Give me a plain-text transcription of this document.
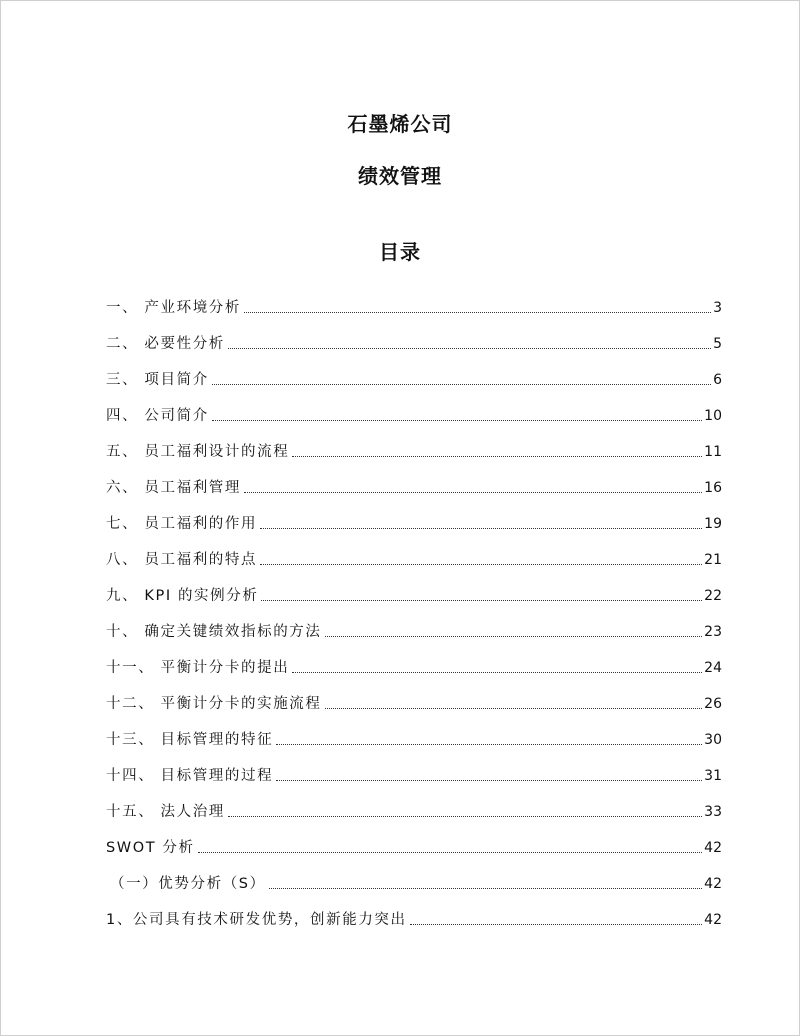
石墨烯公司
绩效管理
目录
一、 产业环境分析	3
二、 必要性分析	5
三、 项目简介	6
四、 公司简介	10
五、 员工福利设计的流程	11
六、 员工福利管理	16
七、 员工福利的作用	19
八、 员工福利的特点	21
九、 KPI 的实例分析	22
十、 确定关键绩效指标的方法	23
十一、 平衡计分卡的提出	24
十二、 平衡计分卡的实施流程	26
十三、 目标管理的特征	30
十四、 目标管理的过程	31
十五、 法人治理	33
SWOT 分析	42
（一）优势分析（S）	42
1、公司具有技术研发优势，创新能力突出	42
